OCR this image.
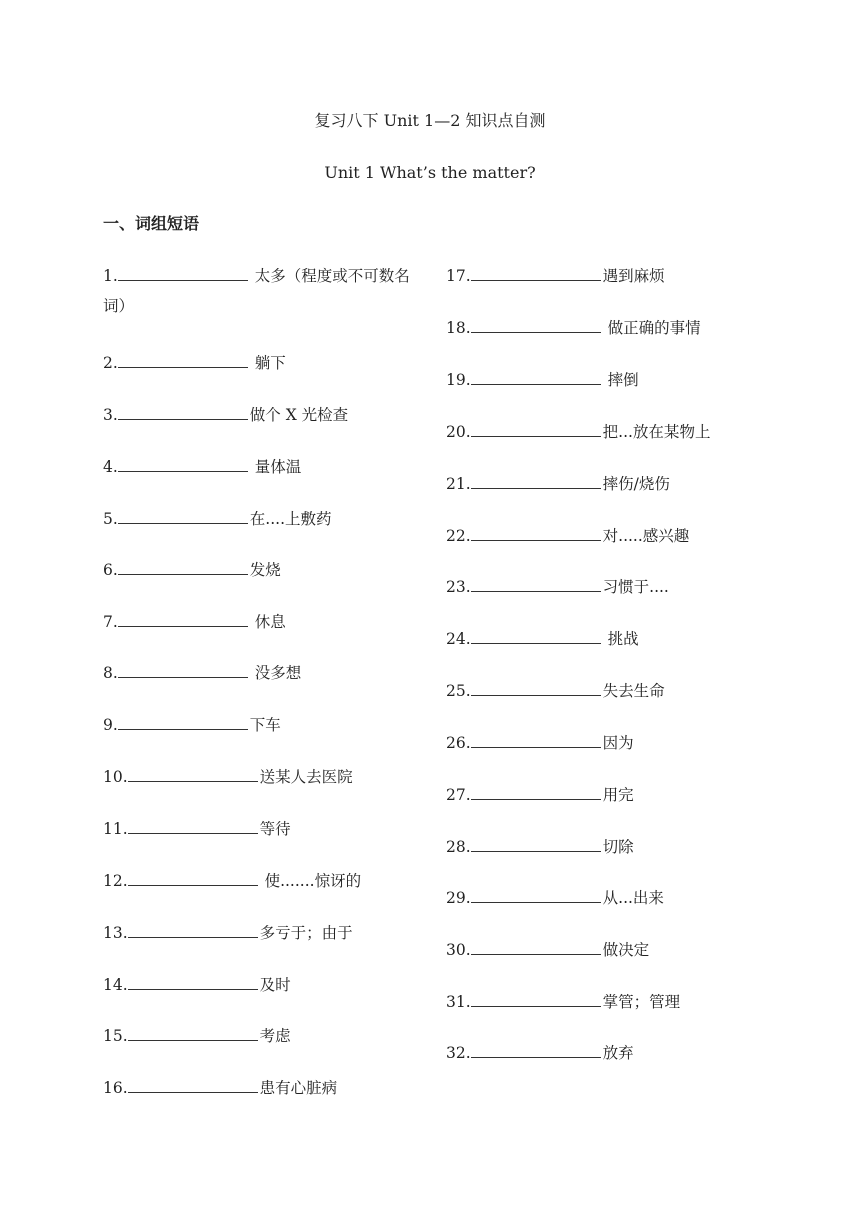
复习八下 Unit 1—2 知识点自测
Unit 1 What’s the matter?
一、词组短语
1.	太多（程度或不可数名词）
2.	躺下
3.	做个 X 光检查
4.	量体温
5.	在....上敷药
6.	发烧
7.	休息
8.	没多想
9.	下车
10.	送某人去医院
11.	等待
12.	使.......惊讶的
13.	多亏于；由于
14.	及时
15.	考虑
16.	患有心脏病
17.	遇到麻烦
18.	做正确的事情
19.	摔倒
20.	把...放在某物上
21.	摔伤/烧伤
22.	对.....感兴趣
23.	习惯于....
24.	挑战
25.	失去生命
26.	因为
27.	用完
28.	切除
29.	从...出来
30.	做决定
31.	掌管；管理
32.	放弃
